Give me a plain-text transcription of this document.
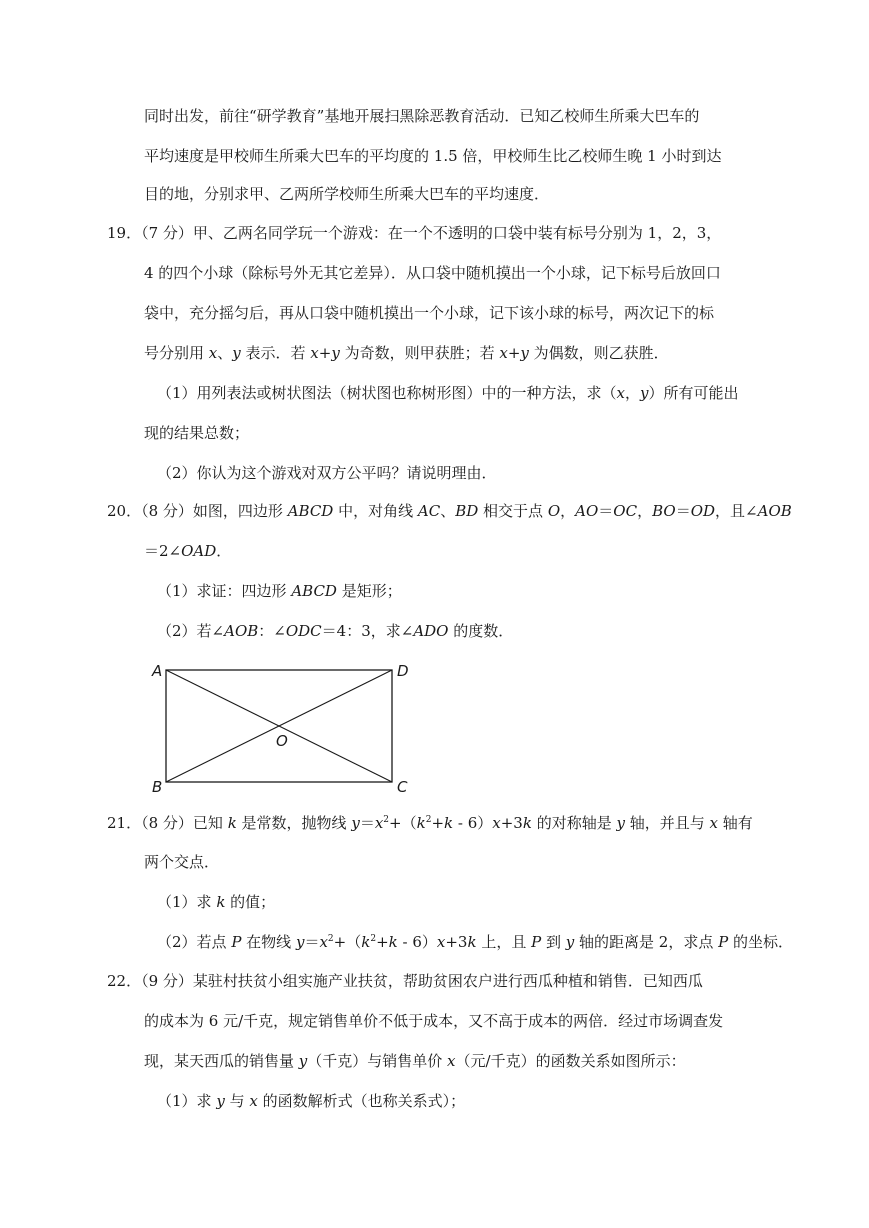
同时出发，前往“研学教育”基地开展扫黑除恶教育活动．已知乙校师生所乘大巴车的
平均速度是甲校师生所乘大巴车的平均度的 1.5 倍，甲校师生比乙校师生晚 1 小时到达
目的地，分别求甲、乙两所学校师生所乘大巴车的平均速度．
19．（7 分）甲、乙两名同学玩一个游戏：在一个不透明的口袋中装有标号分别为 1，2，3，
4 的四个小球（除标号外无其它差异）．从口袋中随机摸出一个小球，记下标号后放回口
袋中，充分摇匀后，再从口袋中随机摸出一个小球，记下该小球的标号，两次记下的标
号分别用 x、y 表示．若 x+y 为奇数，则甲获胜；若 x+y 为偶数，则乙获胜．
（1）用列表法或树状图法（树状图也称树形图）中的一种方法，求（x，y）所有可能出
现的结果总数；
（2）你认为这个游戏对双方公平吗？请说明理由．
20．（8 分）如图，四边形 ABCD 中，对角线 AC、BD 相交于点 O，AO＝OC，BO＝OD，且∠AOB
＝2∠OAD．
（1）求证：四边形 ABCD 是矩形；
（2）若∠AOB：∠ODC＝4：3，求∠ADO 的度数．
A	D
B	C
O
21．（8 分）已知 k 是常数，抛物线 $y=x^2+(k^2+k - 6)x+3k$ 的对称轴是 y 轴，并且与 x 轴有
两个交点．
（1）求 k 的值；
（2）若点 P 在物线 $y=x^2+(k^2+k - 6)x+3k$ 上，且 P 到 y 轴的距离是 2，求点 P 的坐标．
22．（9 分）某驻村扶贫小组实施产业扶贫，帮助贫困农户进行西瓜种植和销售．已知西瓜
的成本为 6 元/千克，规定销售单价不低于成本，又不高于成本的两倍．经过市场调查发
现，某天西瓜的销售量 y（千克）与销售单价 x（元/千克）的函数关系如图所示：
（1）求 y 与 x 的函数解析式（也称关系式）；
